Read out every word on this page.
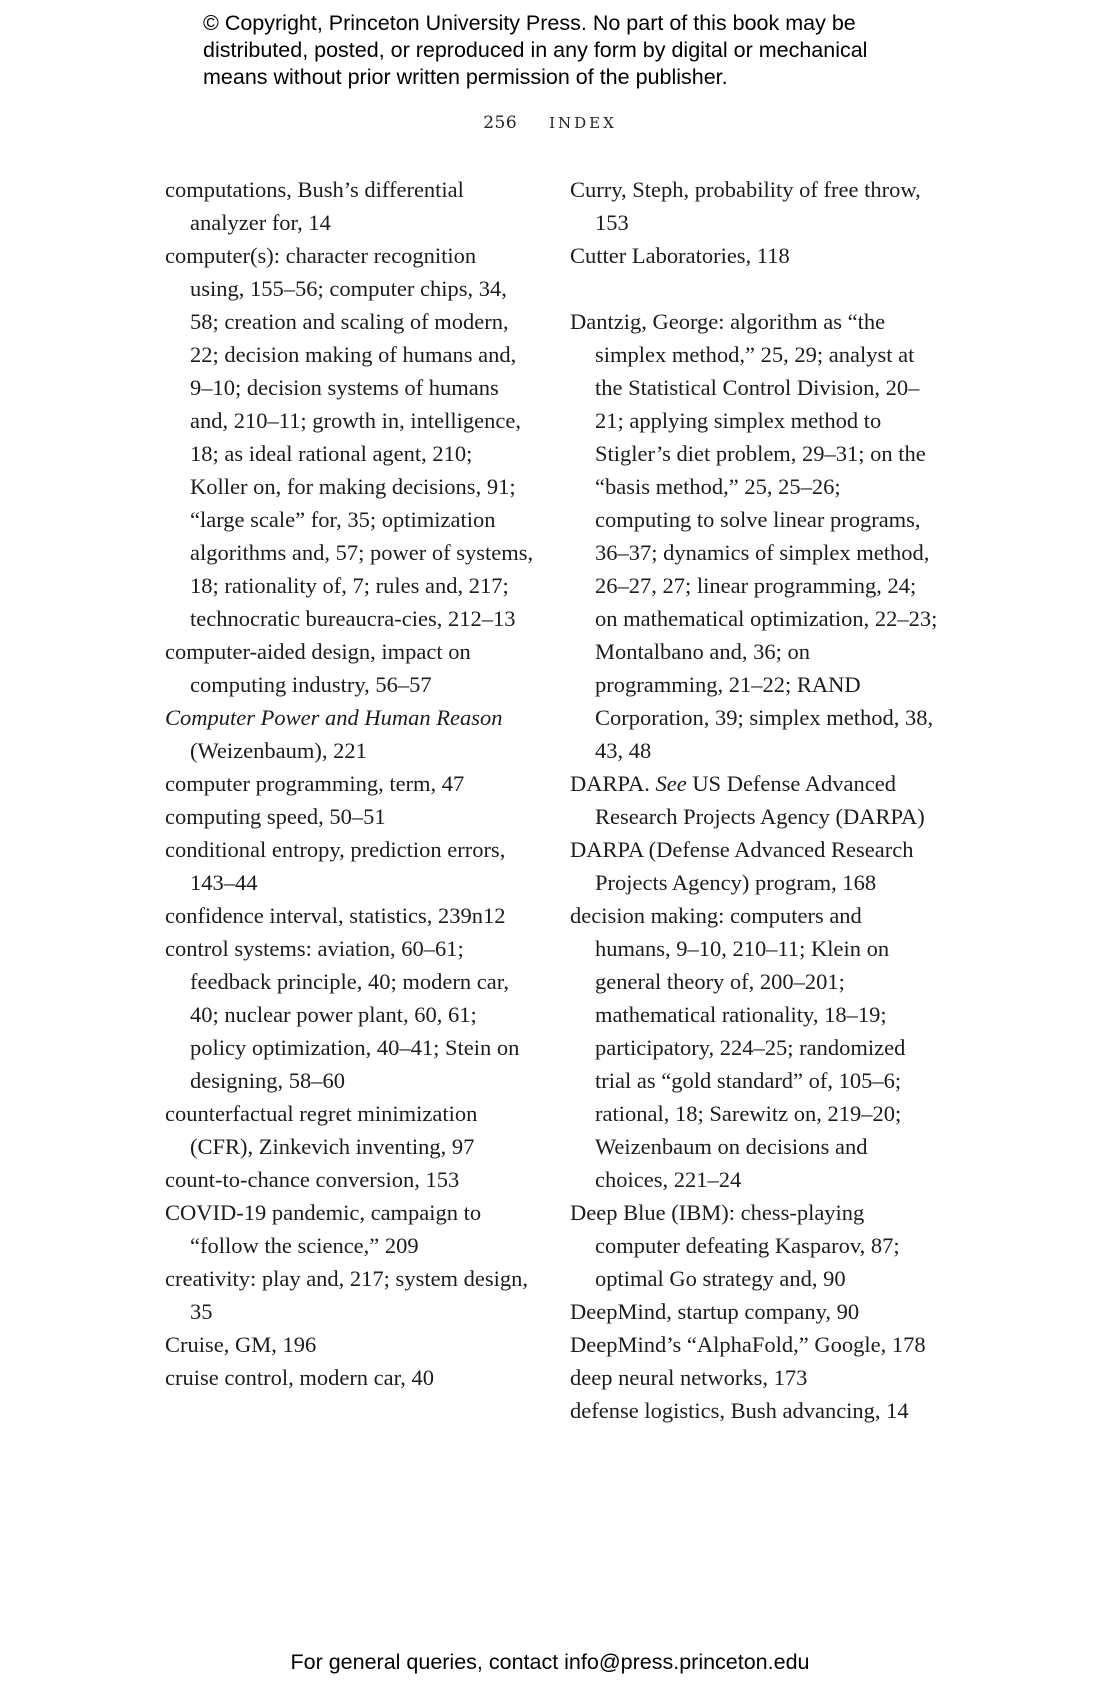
© Copyright, Princeton University Press. No part of this book may be
distributed, posted, or reproduced in any form by digital or mechanical
means without prior written permission of the publisher.
256 INDEX

computations, Bush’s differential analyzer for, 14

computer(s): character recognition using, 155–56; computer chips, 34, 58; creation and scaling of modern, 22; decision making of humans and, 9–10; decision systems of humans and, 210–11; growth in, intelligence, 18; as ideal rational agent, 210; Koller on, for making decisions, 91; “large scale” for, 35; optimization algorithms and, 57; power of systems, 18; rationality of, 7; rules and, 217; technocratic bureaucra-cies, 212–13

computer-aided design, impact on computing industry, 56–57

Computer Power and Human Reason (Weizenbaum), 221

computer programming, term, 47

computing speed, 50–51

conditional entropy, prediction errors, 143–44

confidence interval, statistics, 239n12

control systems: aviation, 60–61; feedback principle, 40; modern car, 40; nuclear power plant, 60, 61; policy optimization, 40–41; Stein on designing, 58–60

counterfactual regret minimization (CFR), Zinkevich inventing, 97

count-to-chance conversion, 153

COVID-19 pandemic, campaign to “follow the science,” 209

creativity: play and, 217; system design, 35

Cruise, GM, 196

cruise control, modern car, 40

Curry, Steph, probability of free throw, 153

Cutter Laboratories, 118

Dantzig, George: algorithm as “the simplex method,” 25, 29; analyst at the Statistical Control Division, 20–21; applying simplex method to Stigler’s diet problem, 29–31; on the “basis method,” 25, 25–26; computing to solve linear programs, 36–37; dynamics of simplex method, 26–27, 27; linear programming, 24; on mathematical optimization, 22–23; Montalbano and, 36; on programming, 21–22; RAND Corporation, 39; simplex method, 38, 43, 48

DARPA. See US Defense Advanced Research Projects Agency (DARPA)

DARPA (Defense Advanced Research Projects Agency) program, 168

decision making: computers and humans, 9–10, 210–11; Klein on general theory of, 200–201; mathematical rationality, 18–19; participatory, 224–25; randomized trial as “gold standard” of, 105–6; rational, 18; Sarewitz on, 219–20; Weizenbaum on decisions and choices, 221–24

Deep Blue (IBM): chess-playing computer defeating Kasparov, 87; optimal Go strategy and, 90

DeepMind, startup company, 90

DeepMind’s “AlphaFold,” Google, 178

deep neural networks, 173

defense logistics, Bush advancing, 14

For general queries, contact info@press.princeton.edu
